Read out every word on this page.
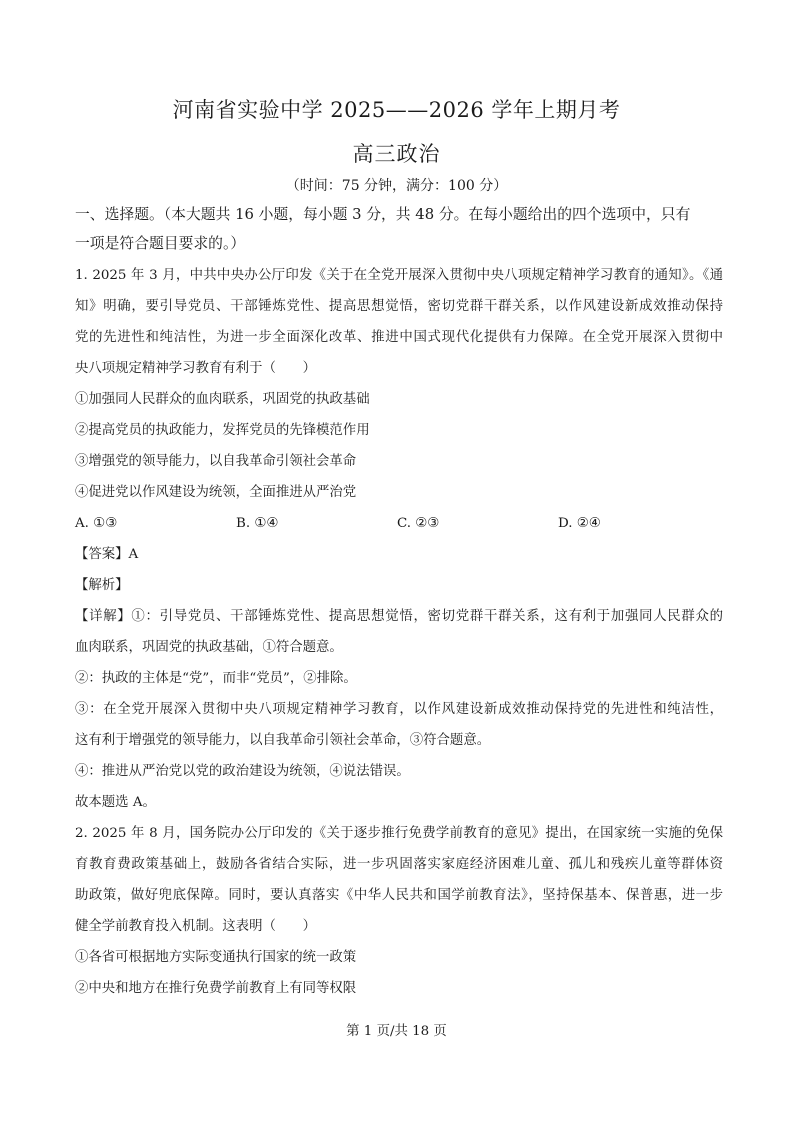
河南省实验中学 2025——2026 学年上期月考
高三政治
（时间：75 分钟，满分：100 分）

一、选择题。（本大题共 16 小题，每小题 3 分，共 48 分。在每小题给出的四个选项中，只有

一项是符合题目要求的。）

1. 2025 年 3 月，中共中央办公厅印发《关于在全党开展深入贯彻中央八项规定精神学习教育的通知》。《通

知》明确，要引导党员、干部锤炼党性、提高思想觉悟，密切党群干群关系，以作风建设新成效推动保持

党的先进性和纯洁性，为进一步全面深化改革、推进中国式现代化提供有力保障。在全党开展深入贯彻中

央八项规定精神学习教育有利于（　　）

①加强同人民群众的血肉联系，巩固党的执政基础

②提高党员的执政能力，发挥党员的先锋模范作用

③增强党的领导能力，以自我革命引领社会革命

④促进党以作风建设为统领，全面推进从严治党

A. ①③	B. ①④	C. ②③	D. ②④

【答案】A

【解析】

【详解】①：引导党员、干部锤炼党性、提高思想觉悟，密切党群干群关系，这有利于加强同人民群众的

血肉联系，巩固党的执政基础，①符合题意。

②：执政的主体是“党”，而非“党员”，②排除。

③：在全党开展深入贯彻中央八项规定精神学习教育，以作风建设新成效推动保持党的先进性和纯洁性，

这有利于增强党的领导能力，以自我革命引领社会革命，③符合题意。

④：推进从严治党以党的政治建设为统领，④说法错误。

故本题选 A。

2. 2025 年 8 月，国务院办公厅印发的《关于逐步推行免费学前教育的意见》提出，在国家统一实施的免保

育教育费政策基础上，鼓励各省结合实际，进一步巩固落实家庭经济困难儿童、孤儿和残疾儿童等群体资

助政策，做好兜底保障。同时，要认真落实《中华人民共和国学前教育法》，坚持保基本、保普惠，进一步

健全学前教育投入机制。这表明（　　）

①各省可根据地方实际变通执行国家的统一政策

②中央和地方在推行免费学前教育上有同等权限

第 1 页/共 18 页
